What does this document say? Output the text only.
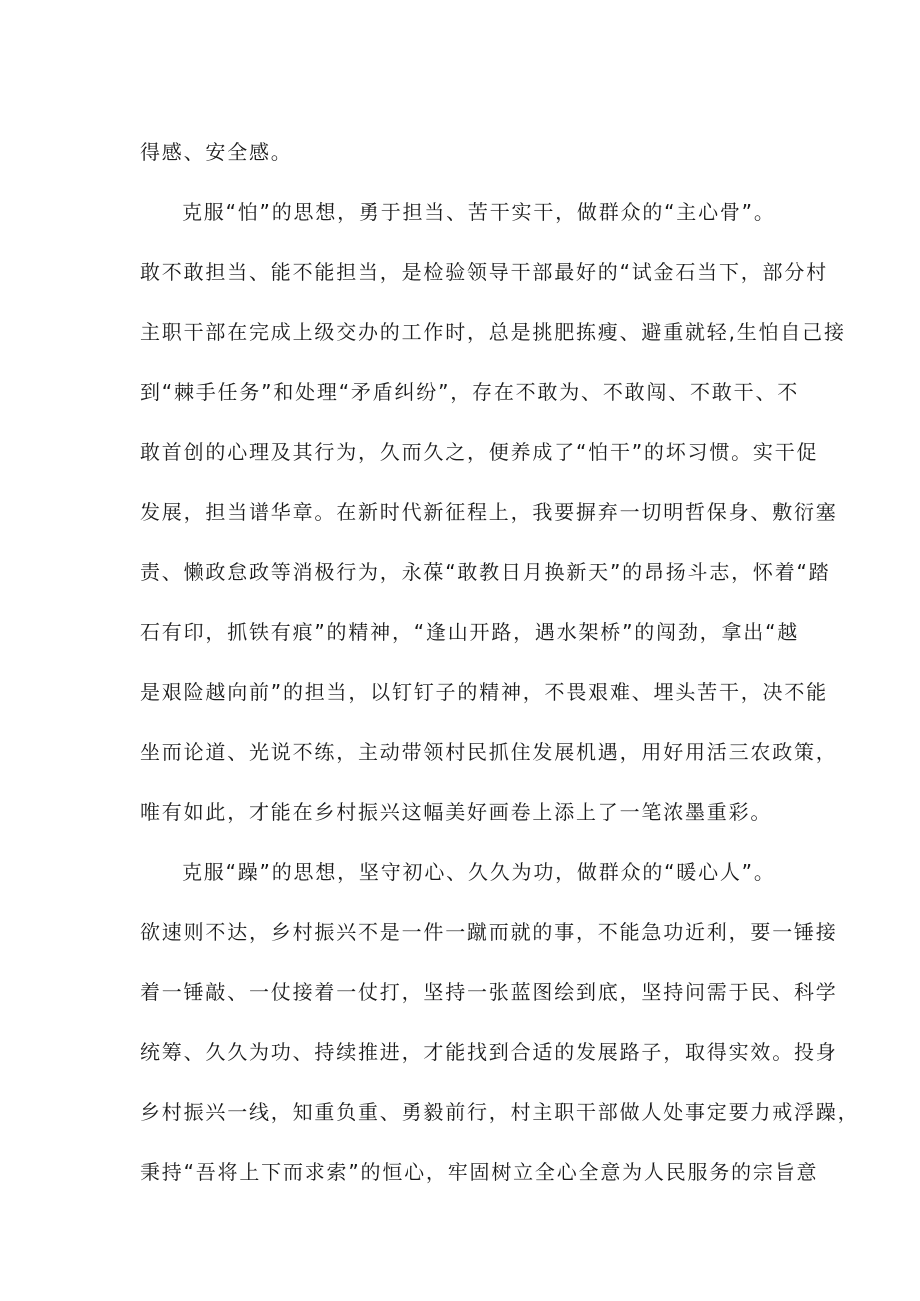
得感、安全感。
克服“怕”的思想，勇于担当、苦干实干，做群众的“主心骨”。
敢不敢担当、能不能担当，是检验领导干部最好的“试金石当下，部分村
主职干部在完成上级交办的工作时，总是挑肥拣瘦、避重就轻,生怕自己接
到“棘手任务”和处理“矛盾纠纷”，存在不敢为、不敢闯、不敢干、不
敢首创的心理及其行为，久而久之，便养成了“怕干”的坏习惯。实干促
发展，担当谱华章。在新时代新征程上，我要摒弃一切明哲保身、敷衍塞
责、懒政怠政等消极行为，永葆“敢教日月换新天”的昂扬斗志，怀着“踏
石有印，抓铁有痕”的精神，“逢山开路，遇水架桥”的闯劲，拿出“越
是艰险越向前”的担当，以钉钉子的精神，不畏艰难、埋头苦干，决不能
坐而论道、光说不练，主动带领村民抓住发展机遇，用好用活三农政策，
唯有如此，才能在乡村振兴这幅美好画卷上添上了一笔浓墨重彩。
克服“躁”的思想，坚守初心、久久为功，做群众的“暖心人”。
欲速则不达，乡村振兴不是一件一蹴而就的事，不能急功近利，要一锤接
着一锤敲、一仗接着一仗打，坚持一张蓝图绘到底，坚持问需于民、科学
统筹、久久为功、持续推进，才能找到合适的发展路子，取得实效。投身
乡村振兴一线，知重负重、勇毅前行，村主职干部做人处事定要力戒浮躁，
秉持“吾将上下而求索”的恒心，牢固树立全心全意为人民服务的宗旨意
